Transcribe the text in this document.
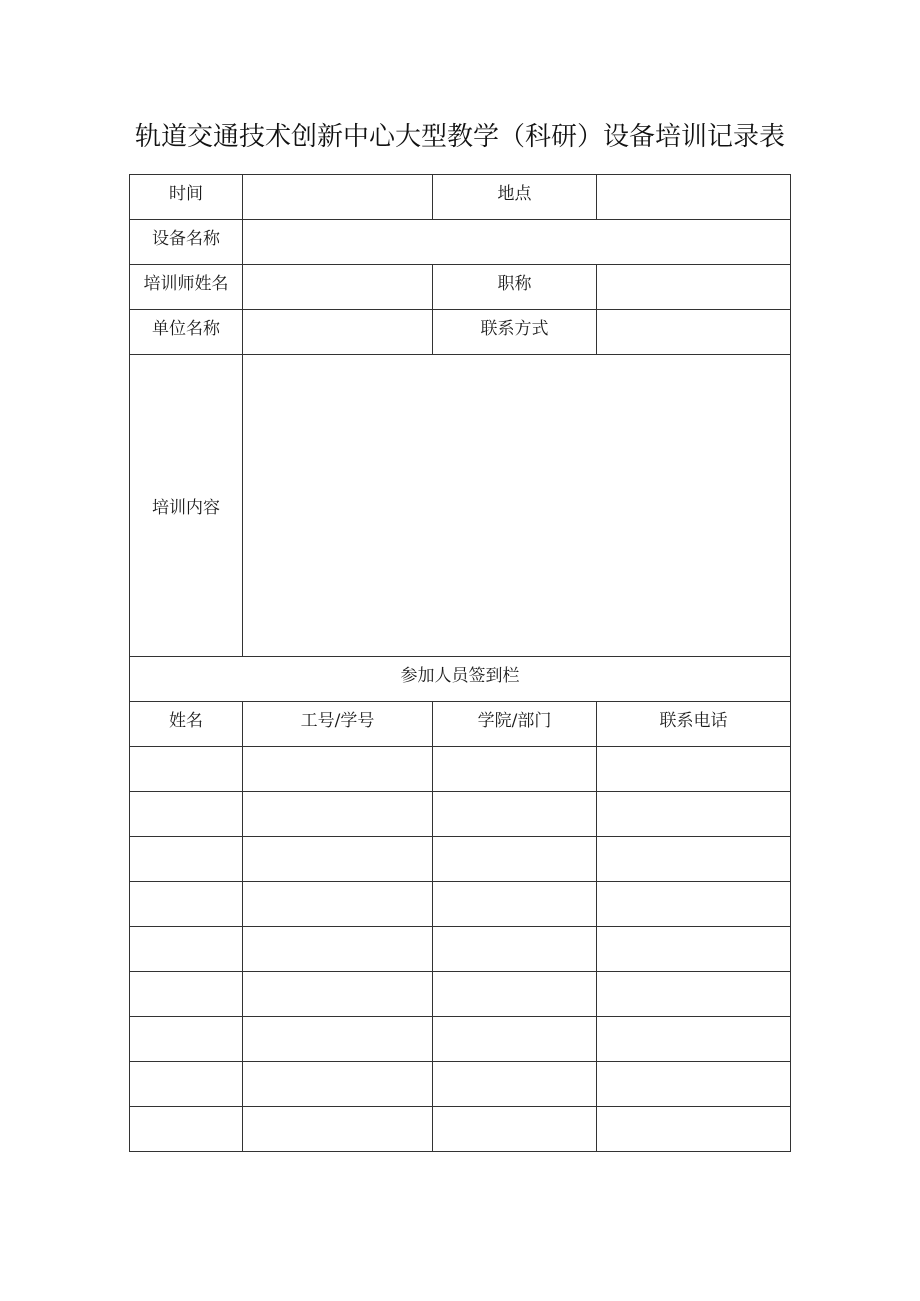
轨道交通技术创新中心大型教学（科研）设备培训记录表
时间		地点	
设备名称			
培训师姓名		职称	
单位名称		联系方式	
培训内容			
参加人员签到栏			
姓名	工号/学号	学院/部门	联系电话
